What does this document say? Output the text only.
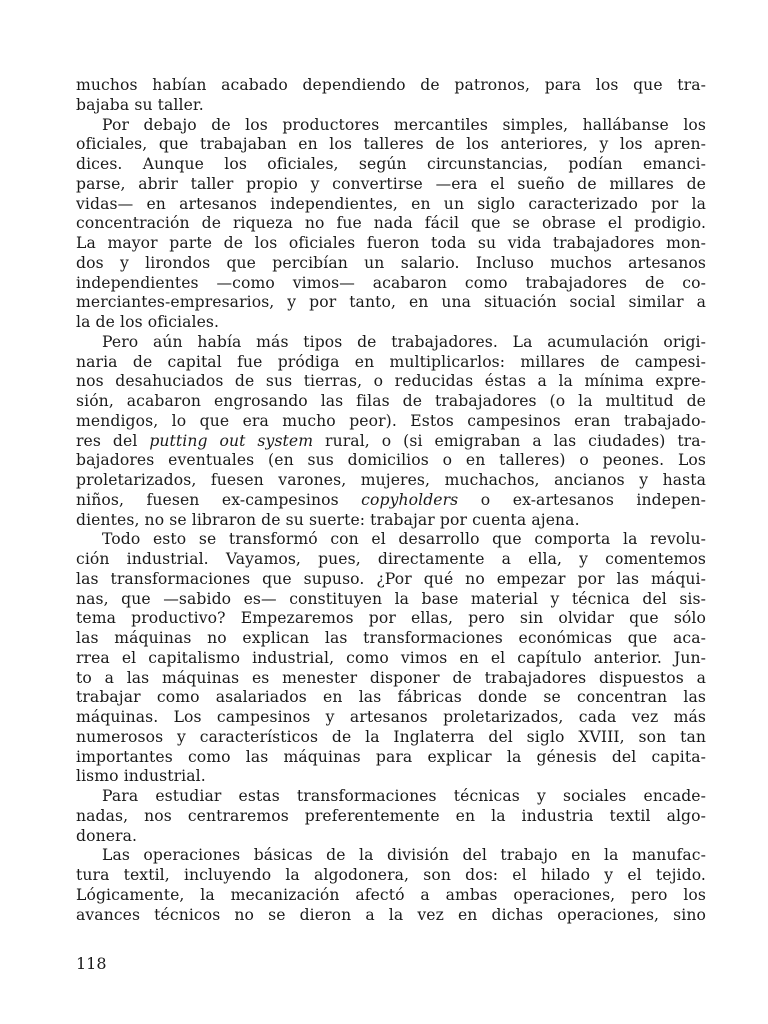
muchos habían acabado dependiendo de patronos, para los que tra-
bajaba su taller.
Por debajo de los productores mercantiles simples, hallábanse los
oficiales, que trabajaban en los talleres de los anteriores, y los apren-
dices. Aunque los oficiales, según circunstancias, podían emanci-
parse, abrir taller propio y convertirse —era el sueño de millares de
vidas— en artesanos independientes, en un siglo caracterizado por la
concentración de riqueza no fue nada fácil que se obrase el prodigio.
La mayor parte de los oficiales fueron toda su vida trabajadores mon-
dos y lirondos que percibían un salario. Incluso muchos artesanos
independientes —como vimos— acabaron como trabajadores de co-
merciantes-empresarios, y por tanto, en una situación social similar a
la de los oficiales.
Pero aún había más tipos de trabajadores. La acumulación origi-
naria de capital fue pródiga en multiplicarlos: millares de campesi-
nos desahuciados de sus tierras, o reducidas éstas a la mínima expre-
sión, acabaron engrosando las filas de trabajadores (o la multitud de
mendigos, lo que era mucho peor). Estos campesinos eran trabajado-
res del putting out system rural, o (si emigraban a las ciudades) tra-
bajadores eventuales (en sus domicilios o en talleres) o peones. Los
proletarizados, fuesen varones, mujeres, muchachos, ancianos y hasta
niños, fuesen ex-campesinos copyholders o ex-artesanos indepen-
dientes, no se libraron de su suerte: trabajar por cuenta ajena.
Todo esto se transformó con el desarrollo que comporta la revolu-
ción industrial. Vayamos, pues, directamente a ella, y comentemos
las transformaciones que supuso. ¿Por qué no empezar por las máqui-
nas, que —sabido es— constituyen la base material y técnica del sis-
tema productivo? Empezaremos por ellas, pero sin olvidar que sólo
las máquinas no explican las transformaciones económicas que aca-
rrea el capitalismo industrial, como vimos en el capítulo anterior. Jun-
to a las máquinas es menester disponer de trabajadores dispuestos a
trabajar como asalariados en las fábricas donde se concentran las
máquinas. Los campesinos y artesanos proletarizados, cada vez más
numerosos y característicos de la Inglaterra del siglo XVIII, son tan
importantes como las máquinas para explicar la génesis del capita-
lismo industrial.
Para estudiar estas transformaciones técnicas y sociales encade-
nadas, nos centraremos preferentemente en la industria textil algo-
donera.
Las operaciones básicas de la división del trabajo en la manufac-
tura textil, incluyendo la algodonera, son dos: el hilado y el tejido.
Lógicamente, la mecanización afectó a ambas operaciones, pero los
avances técnicos no se dieron a la vez en dichas operaciones, sino
118
